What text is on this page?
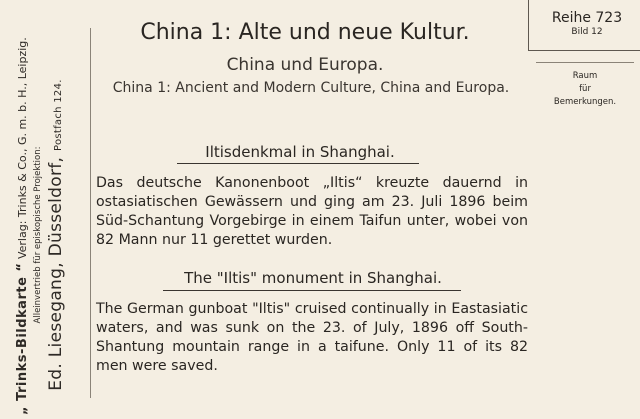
„ Trinks-Bildkarte “ Verlag: Trinks & Co., G. m. b. H., Leipzig. Alleinvertrieb für episkopische Projektion: Ed. Liesegang, Düsseldorf, Postfach 124.
China 1: Alte und neue Kultur.
China und Europa.
China 1: Ancient and Modern Culture, China and Europa.
Reihe 723
Bild 12
Raum
für
Bemerkungen.
Iltisdenkmal in Shanghai.
Das deutsche Kanonenboot „Iltis“ kreuzte dauernd in ostasiatischen Gewässern und ging am 23. Juli 1896 beim Süd-Schantung Vorgebirge in einem Taifun unter, wobei von 82 Mann nur 11 gerettet wurden.
The "Iltis" monument in Shanghai.
The German gunboat "Iltis" cruised continually in Eastasiatic waters, and was sunk on the 23. of July, 1896 off South-Shantung mountain range in a taifune. Only 11 of its 82 men were saved.
